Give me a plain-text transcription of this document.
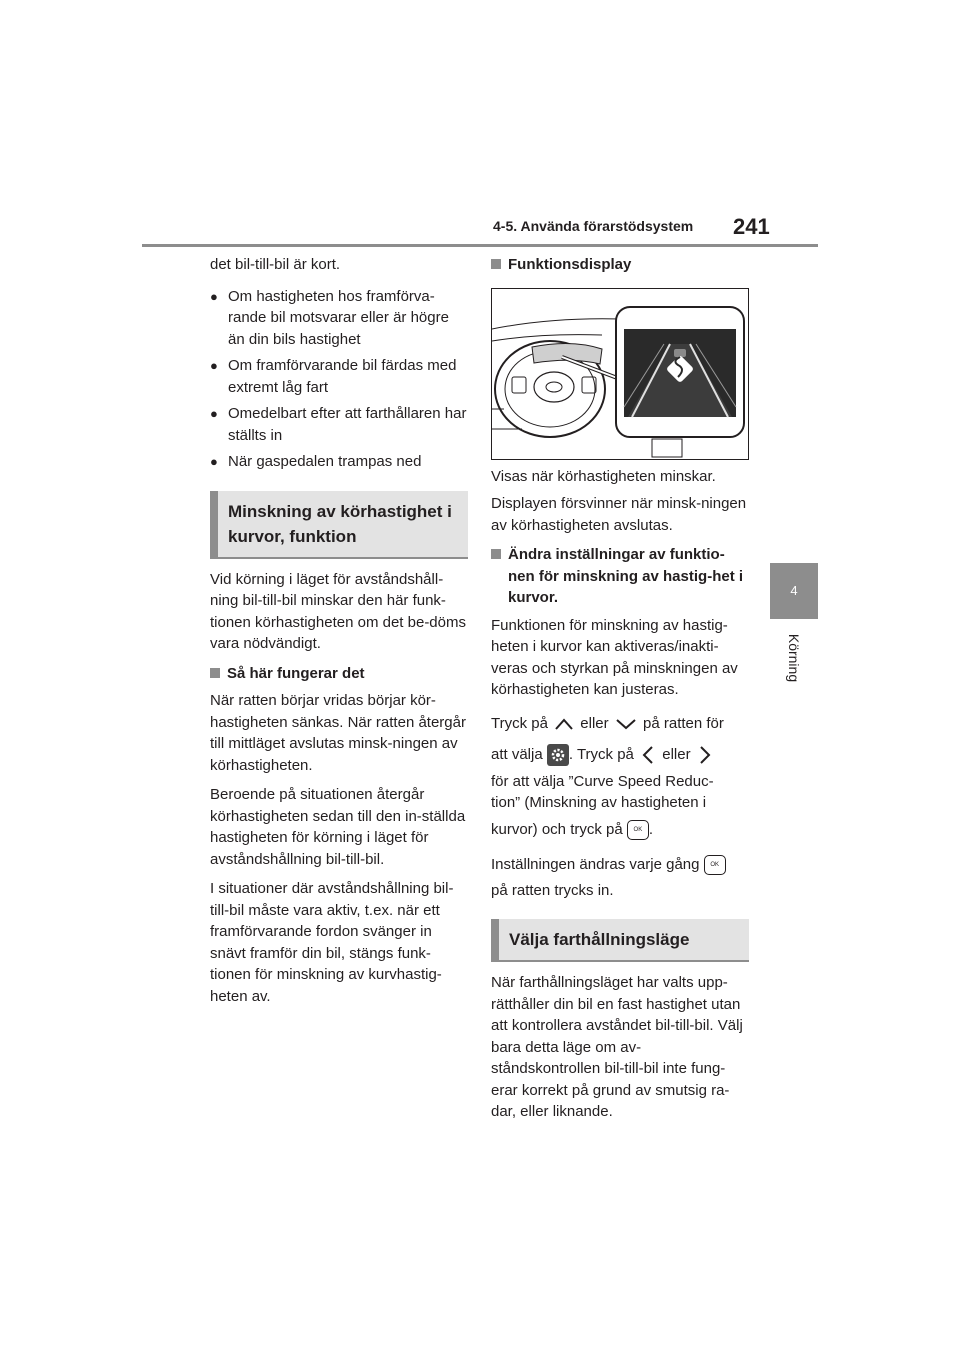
4-5. Använda förarstödsystem 241
4
Körning

det bil-till-bil är kort.

● Om hastigheten hos framförva-rande bil motsvarar eller är högre än din bils hastighet

● Om framförvarande bil färdas med extremt låg fart

● Omedelbart efter att farthållaren har ställts in

● När gaspedalen trampas ned

Minskning av körhastighet i kurvor, funktion

Vid körning i läget för avståndshåll-ning bil-till-bil minskar den här funk-tionen körhastigheten om det be-döms vara nödvändigt.

Så här fungerar det

När ratten börjar vridas börjar kör-hastigheten sänkas. När ratten återgår till mittläget avslutas minsk-ningen av körhastigheten.

Beroende på situationen återgår körhastigheten sedan till den in-ställda hastigheten för körning i läget för avståndshållning bil-till-bil.

I situationer där avståndshållning bil-till-bil måste vara aktiv, t.ex. när ett framförvarande fordon svänger in snävt framför din bil, stängs funk-tionen för minskning av kurvhastig-heten av.

Funktionsdisplay

Visas när körhastigheten minskar.

Displayen försvinner när minsk-ningen av körhastigheten avslutas.

Ändra inställningar av funktio-nen för minskning av hastig-het i kurvor.

Funktionen för minskning av hastig-heten i kurvor kan aktiveras/inakti-veras och styrkan på minskningen av körhastigheten kan justeras.

Tryck på eller på ratten för

att välja . Tryck på eller

för att välja ”Curve Speed Reduc-

tion” (Minskning av hastigheten i

kurvor) och tryck på OK .

Inställningen ändras varje gång OK

på ratten trycks in.

Välja farthållningsläge

När farthållningsläget har valts upp-rätthåller din bil en fast hastighet utan att kontrollera avståndet bil-till-bil. Välj bara detta läge om av-ståndskontrollen bil-till-bil inte fung-erar korrekt på grund av smutsig ra-dar, eller liknande.
